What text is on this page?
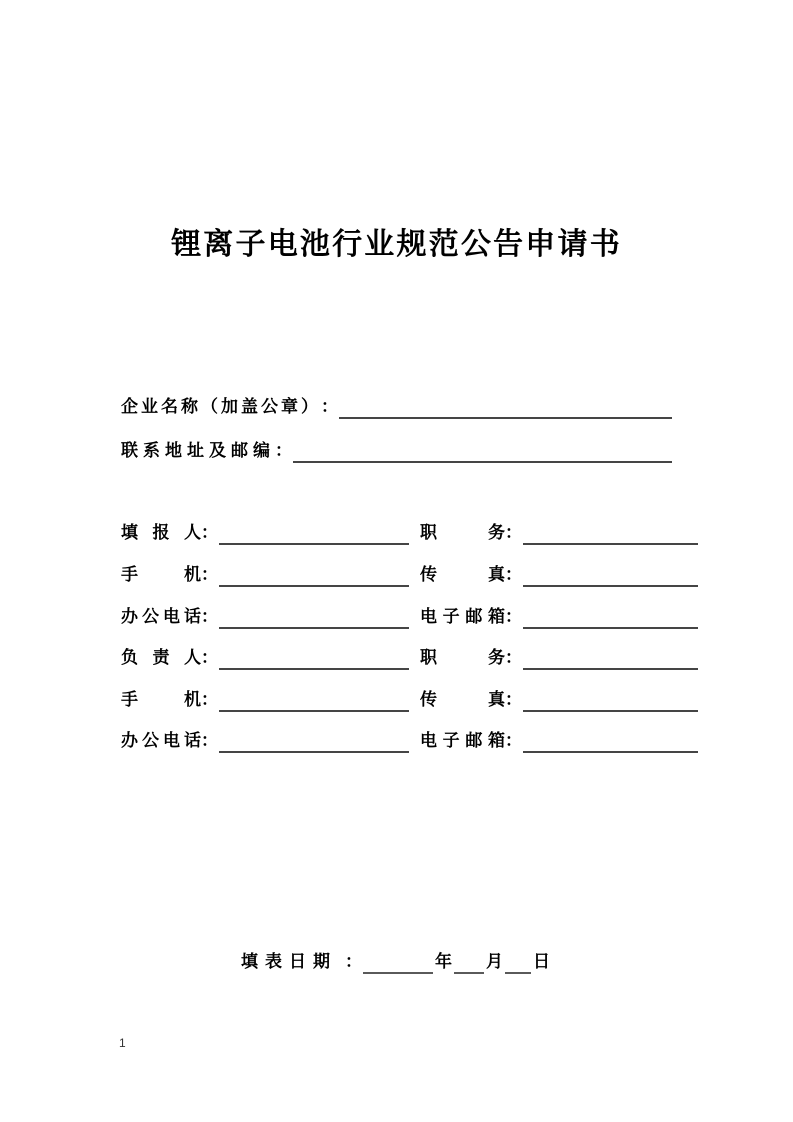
锂离子电池行业规范公告申请书
企业名称（加盖公章） ：
联系地址及邮编 ：
填报人 ：	职务 ：
手机 ：	传真 ：
办公电话 ：	电子邮箱 ：
负责人 ：	职务 ：
手机 ：	传真 ：
办公电话 ：	电子邮箱 ：
填表日期 ：	年 月 日
1
